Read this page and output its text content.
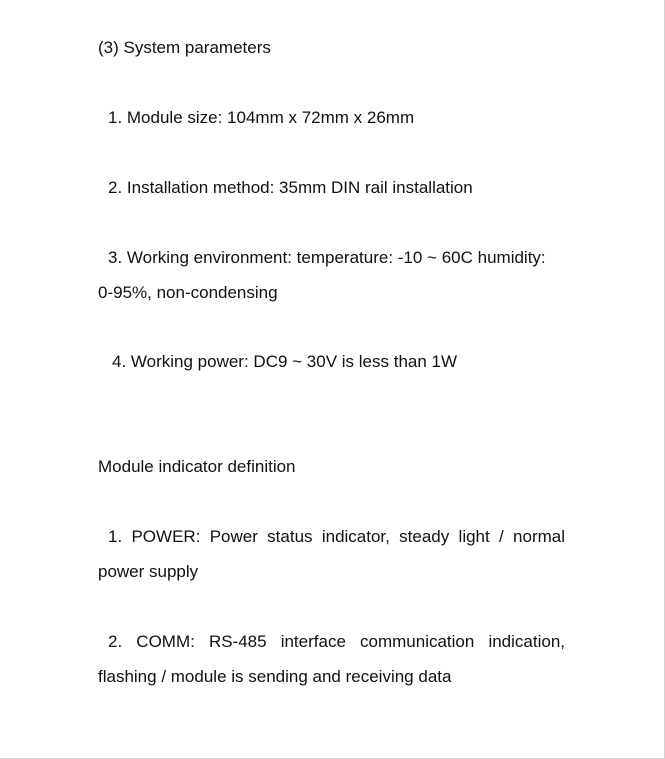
(3) System parameters
1. Module size: 104mm x 72mm x 26mm
2. Installation method: 35mm DIN rail installation
3. Working environment: temperature: -10 ~ 60C humidity:
0-95%, non-condensing
4. Working power: DC9 ~ 30V is less than 1W
Module indicator definition
1. POWER: Power status indicator, steady light / normal
power supply
2. COMM: RS-485 interface communication indication,
flashing / module is sending and receiving data
